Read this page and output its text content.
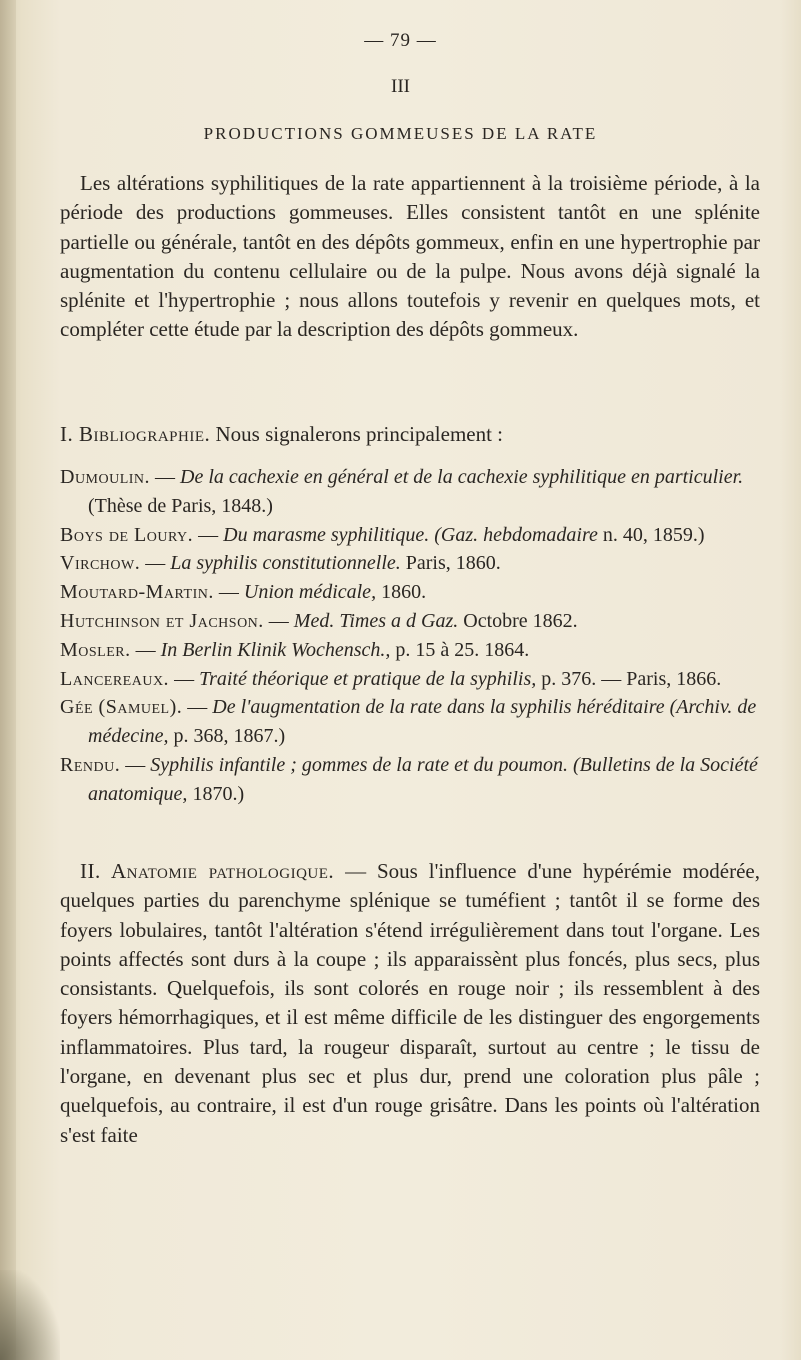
— 79 —
III
PRODUCTIONS GOMMEUSES DE LA RATE

Les altérations syphilitiques de la rate appartiennent à la troisième période, à la période des productions gommeuses. Elles consistent tantôt en une splénite partielle ou générale, tantôt en des dépôts gommeux, enfin en une hypertrophie par augmentation du contenu cellulaire ou de la pulpe. Nous avons déjà signalé la splénite et l'hypertrophie ; nous allons toutefois y revenir en quelques mots, et compléter cette étude par la description des dépôts gommeux.

I. Bibliographie. Nous signalerons principalement :

Dumoulin. — De la cachexie en général et de la cachexie syphilitique en particulier. (Thèse de Paris, 1848.)
Boys de Loury. — Du marasme syphilitique. (Gaz. hebdomadaire n. 40, 1859.)
Virchow. — La syphilis constitutionnelle. Paris, 1860.
Moutard-Martin. — Union médicale, 1860.
Hutchinson et Jachson. — Med. Times a d Gaz. Octobre 1862.
Mosler. — In Berlin Klinik Wochensch., p. 15 à 25. 1864.
Lancereaux. — Traité théorique et pratique de la syphilis, p. 376. — Paris, 1866.
Gée (Samuel). — De l'augmentation de la rate dans la syphilis héréditaire (Archiv. de médecine, p. 368, 1867.)
Rendu. — Syphilis infantile ; gommes de la rate et du poumon. (Bulletins de la Société anatomique, 1870.)

II. Anatomie pathologique. — Sous l'influence d'une hypérémie modérée, quelques parties du parenchyme splénique se tuméfient ; tantôt il se forme des foyers lobulaires, tantôt l'altération s'étend irrégulièrement dans tout l'organe. Les points affectés sont durs à la coupe ; ils apparaissènt plus foncés, plus secs, plus consistants. Quelquefois, ils sont colorés en rouge noir ; ils ressemblent à des foyers hémorrhagiques, et il est même difficile de les distinguer des engorgements inflammatoires. Plus tard, la rougeur disparaît, surtout au centre ; le tissu de l'organe, en devenant plus sec et plus dur, prend une coloration plus pâle ; quelquefois, au contraire, il est d'un rouge grisâtre. Dans les points où l'altération s'est faite
